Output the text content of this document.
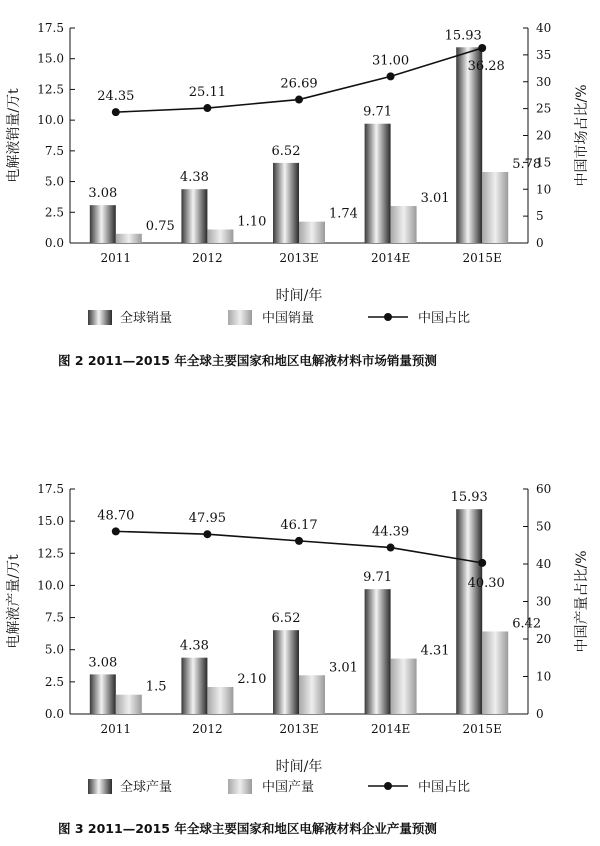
0.0
2.5
5.0
7.5
10.0
12.5
15.0
17.5
0
5
10
15
20
25
30
35
40
2011
3.08
0.75
2012
4.38
1.10
2013E
6.52
1.74
2014E
9.71
3.01
2015E
15.93
5.78
24.35	25.11
26.69
31.00	36.28
电解液销量/万t	中国市场占比/%
时间/年
全球销量	中国销量	中国占比
图 2 2011—2015 年全球主要国家和地区电解液材料市场销量预测
0.0
2.5
5.0
7.5
10.0
12.5
15.0
17.5
0
10
20
30
40
50
60
2011
3.08
1.5
2012
4.38
2.10
2013E
6.52
3.01
2014E
9.71
4.31
2015E
15.93
6.42
48.70	47.95	46.17	44.39
40.30
电解液产量/万t	中国产量占比/%
时间/年
全球产量	中国产量	中国占比
图 3 2011—2015 年全球主要国家和地区电解液材料企业产量预测
